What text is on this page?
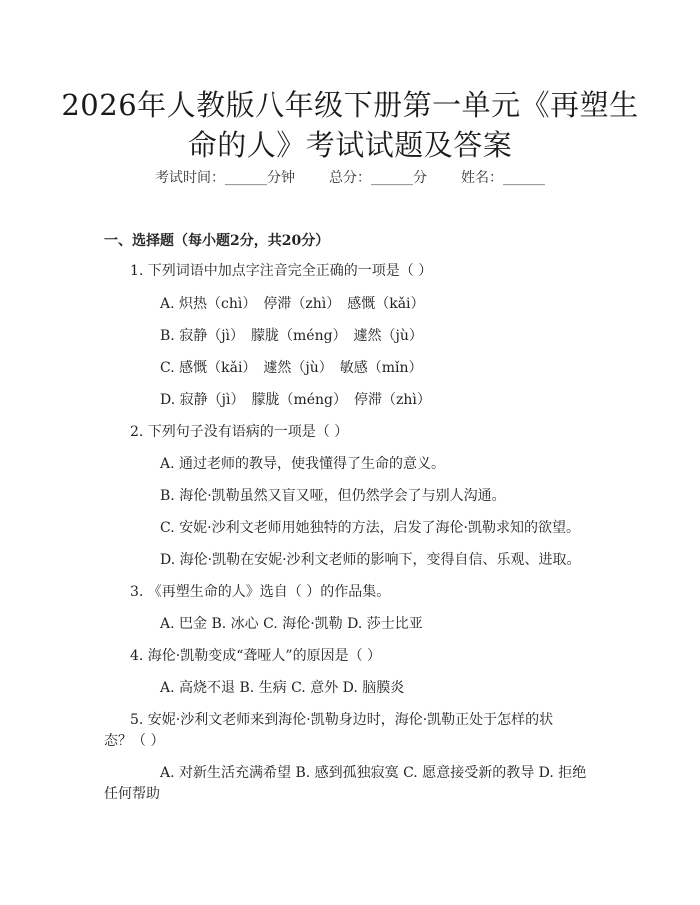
2026年人教版八年级下册第一单元《再塑生
命的人》考试试题及答案
考试时间：______分钟 总分：______分 姓名：______
一、选择题（每小题2分，共20分）
1. 下列词语中加点字注音完全正确的一项是（ ）
A. 炽热（chì）　停滞（zhì）　感慨（kǎi）
B. 寂静（jì）　朦胧（méng）　遽然（jù）
C. 感慨（kǎi）　遽然（jù）　敏感（mǐn）
D. 寂静（jì）　朦胧（méng）　停滞（zhì）
2. 下列句子没有语病的一项是（ ）
A. 通过老师的教导，使我懂得了生命的意义。
B. 海伦·凯勒虽然又盲又哑，但仍然学会了与别人沟通。
C. 安妮·沙利文老师用她独特的方法，启发了海伦·凯勒求知的欲望。
D. 海伦·凯勒在安妮·沙利文老师的影响下，变得自信、乐观、进取。
3. 《再塑生命的人》选自（ ）的作品集。
A. 巴金 B. 冰心 C. 海伦·凯勒 D. 莎士比亚
4. 海伦·凯勒变成“聋哑人”的原因是（ ）
A. 高烧不退 B. 生病 C. 意外 D. 脑膜炎
5. 安妮·沙利文老师来到海伦·凯勒身边时，海伦·凯勒正处于怎样的状
态？（ ）
A. 对新生活充满希望 B. 感到孤独寂寞 C. 愿意接受新的教导 D. 拒绝
任何帮助
